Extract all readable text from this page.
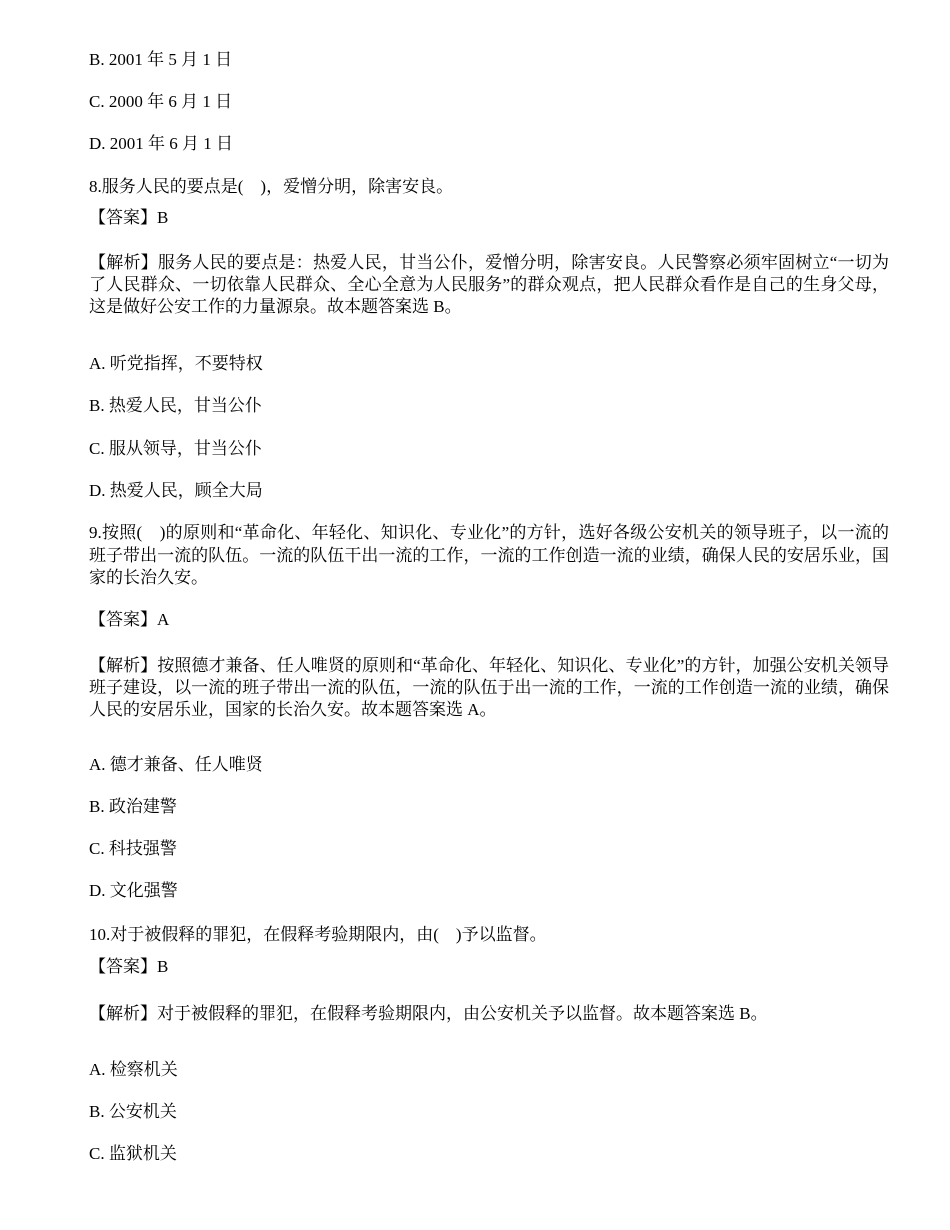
B. 2001 年 5 月 1 日

C. 2000 年 6 月 1 日

D. 2001 年 6 月 1 日

8.服务人民的要点是(　)，爱憎分明，除害安良。

【答案】B

【解析】服务人民的要点是：热爱人民，甘当公仆，爱憎分明，除害安良。人民警察必须牢固树立“一切为了人民群众、一切依靠人民群众、全心全意为人民服务”的群众观点，把人民群众看作是自己的生身父母，这是做好公安工作的力量源泉。故本题答案选 B。

A. 听党指挥，不要特权

B. 热爱人民，甘当公仆

C. 服从领导，甘当公仆

D. 热爱人民，顾全大局

9.按照(　)的原则和“革命化、年轻化、知识化、专业化”的方针，选好各级公安机关的领导班子，以一流的班子带出一流的队伍。一流的队伍干出一流的工作，一流的工作创造一流的业绩，确保人民的安居乐业，国家的长治久安。

【答案】A

【解析】按照德才兼备、任人唯贤的原则和“革命化、年轻化、知识化、专业化”的方针，加强公安机关领导班子建设，以一流的班子带出一流的队伍，一流的队伍于出一流的工作，一流的工作创造一流的业绩，确保人民的安居乐业，国家的长治久安。故本题答案选 A。

A. 德才兼备、任人唯贤

B. 政治建警

C. 科技强警

D. 文化强警

10.对于被假释的罪犯，在假释考验期限内，由(　)予以监督。

【答案】B

【解析】对于被假释的罪犯，在假释考验期限内，由公安机关予以监督。故本题答案选 B。

A. 检察机关

B. 公安机关

C. 监狱机关
